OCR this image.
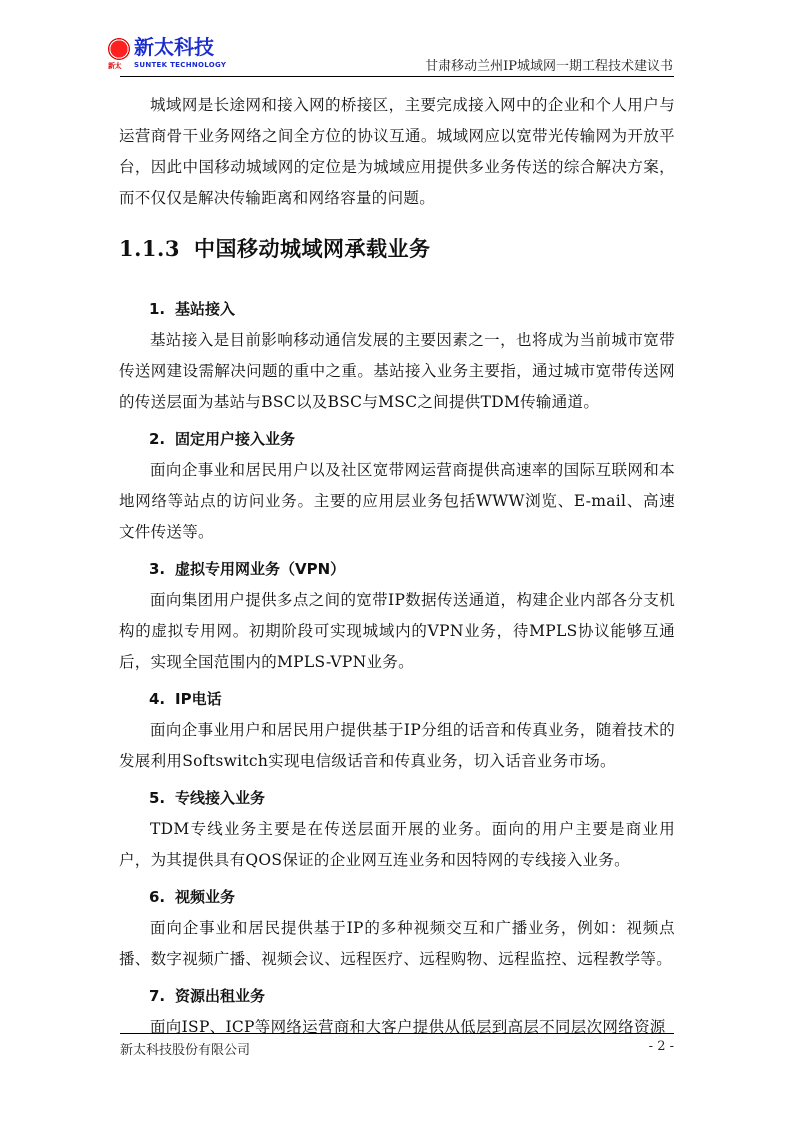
新太
新太科技
SUNTEK TECHNOLOGY	甘肃移动兰州IP城域网一期工程技术建议书

城域网是长途网和接入网的桥接区，主要完成接入网中的企业和个人用户与运营商骨干业务网络之间全方位的协议互通。城域网应以宽带光传输网为开放平台，因此中国移动城域网的定位是为城域应用提供多业务传送的综合解决方案，而不仅仅是解决传输距离和网络容量的问题。

1.1.3 中国移动城域网承载业务
1. 基站接入

基站接入是目前影响移动通信发展的主要因素之一，也将成为当前城市宽带传送网建设需解决问题的重中之重。基站接入业务主要指，通过城市宽带传送网的传送层面为基站与BSC以及BSC与MSC之间提供TDM传输通道。

2. 固定用户接入业务

面向企事业和居民用户以及社区宽带网运营商提供高速率的国际互联网和本地网络等站点的访问业务。主要的应用层业务包括WWW浏览、E-mail、高速文件传送等。

3. 虚拟专用网业务（VPN）

面向集团用户提供多点之间的宽带IP数据传送通道，构建企业内部各分支机构的虚拟专用网。初期阶段可实现城域内的VPN业务，待MPLS协议能够互通后，实现全国范围内的MPLS-VPN业务。

4. IP电话

面向企事业用户和居民用户提供基于IP分组的话音和传真业务，随着技术的发展利用Softswitch实现电信级话音和传真业务，切入话音业务市场。

5. 专线接入业务

TDM专线业务主要是在传送层面开展的业务。面向的用户主要是商业用户，为其提供具有QOS保证的企业网互连业务和因特网的专线接入业务。

6. 视频业务

面向企事业和居民提供基于IP的多种视频交互和广播业务，例如：视频点播、数字视频广播、视频会议、远程医疗、远程购物、远程监控、远程教学等。

7. 资源出租业务

面向ISP、ICP等网络运营商和大客户提供从低层到高层不同层次网络资源

新太科技股份有限公司	- 2 -
